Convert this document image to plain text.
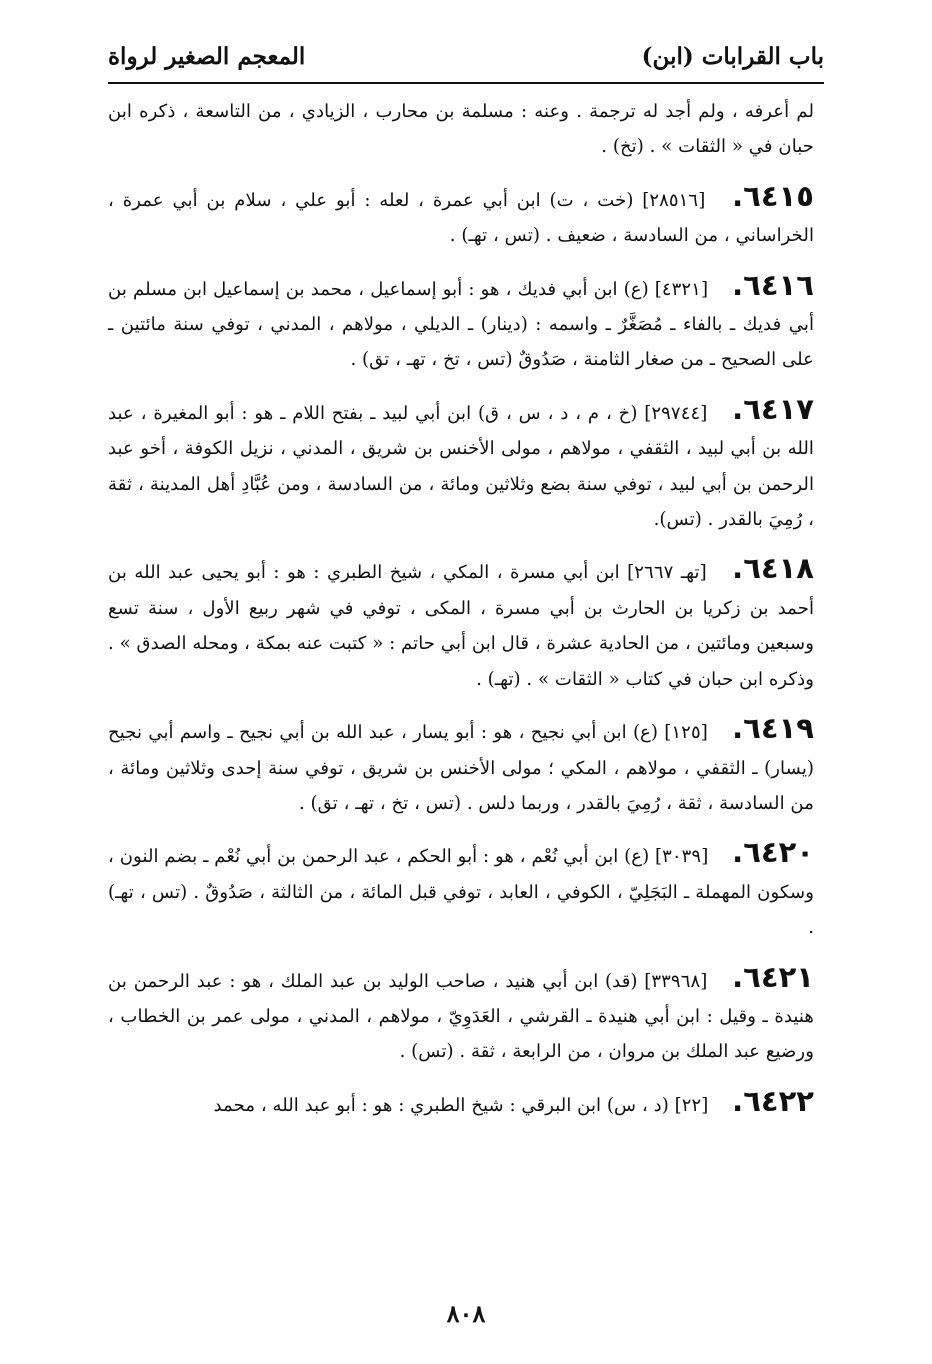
باب القرابات (ابن)
المعجم الصغير لرواة

لم أعرفه ، ولم أجد له ترجمة . وعنه : مسلمة بن محارب ، الزيادي ، من التاسعة ، ذكره ابن حبان في « الثقات » . (تخ) .

٦٤١٥. [٢٨٥١٦] (خت ، ت) ابن أبي عمرة ، لعله : أبو علي ، سلام بن أبي عمرة ، الخراساني ، من السادسة ، ضعيف . (تس ، تهـ) .

٦٤١٦. [٤٣٢١] (ع) ابن أبي فديك ، هو : أبو إسماعيل ، محمد بن إسماعيل ابن مسلم بن أبي فديك ـ بالفاء ـ مُصَغَّرٌ ـ واسمه : (دينار) ـ الديلي ، مولاهم ، المدني ، توفي سنة مائتين ـ على الصحيح ـ من صغار الثامنة ، صَدُوقٌ (تس ، تخ ، تهـ ، تق) .

٦٤١٧. [٢٩٧٤٤] (خ ، م ، د ، س ، ق) ابن أبي لبيد ـ بفتح اللام ـ هو : أبو المغيرة ، عبد الله بن أبي لبيد ، الثقفي ، مولاهم ، مولى الأخنس بن شريق ، المدني ، نزيل الكوفة ، أخو عبد الرحمن بن أبي لبيد ، توفي سنة بضع وثلاثين ومائة ، من السادسة ، ومن عُبَّادِ أهل المدينة ، ثقة ، رُمِيَ بالقدر . (تس).

٦٤١٨. [تهـ ٢٦٦٧] ابن أبي مسرة ، المكي ، شيخ الطبري : هو : أبو يحيى عبد الله بن أحمد بن زكريا بن الحارث بن أبي مسرة ، المكى ، توفي في شهر ربيع الأول ، سنة تسع وسبعين ومائتين ، من الحادية عشرة ، قال ابن أبي حاتم : « كتبت عنه بمكة ، ومحله الصدق » . وذكره ابن حبان في كتاب « الثقات » . (تهـ) .

٦٤١٩. [١٢٥] (ع) ابن أبي نجيح ، هو : أبو يسار ، عبد الله بن أبي نجيح ـ واسم أبي نجيح (يسار) ـ الثقفي ، مولاهم ، المكي ؛ مولى الأخنس بن شريق ، توفي سنة إحدى وثلاثين ومائة ، من السادسة ، ثقة ، رُمِيَ بالقدر ، وربما دلس . (تس ، تخ ، تهـ ، تق) .

٦٤٢٠. [٣٠٣٩] (ع) ابن أبي نُعْم ، هو : أبو الحكم ، عبد الرحمن بن أبي نُعْم ـ بضم النون ، وسكون المهملة ـ البَجَلِيّ ، الكوفي ، العابد ، توفي قبل المائة ، من الثالثة ، صَدُوقٌ . (تس ، تهـ) .

٦٤٢١. [٣٣٩٦٨] (قد) ابن أبي هنيد ، صاحب الوليد بن عبد الملك ، هو : عبد الرحمن بن هنيدة ـ وقيل : ابن أبي هنيدة ـ القرشي ، العَدَوِيّ ، مولاهم ، المدني ، مولى عمر بن الخطاب ، ورضيع عبد الملك بن مروان ، من الرابعة ، ثقة . (تس) .

٦٤٢٢. [٢٢] (د ، س) ابن البرقي : شيخ الطبري : هو : أبو عبد الله ، محمد

٨٠٨
